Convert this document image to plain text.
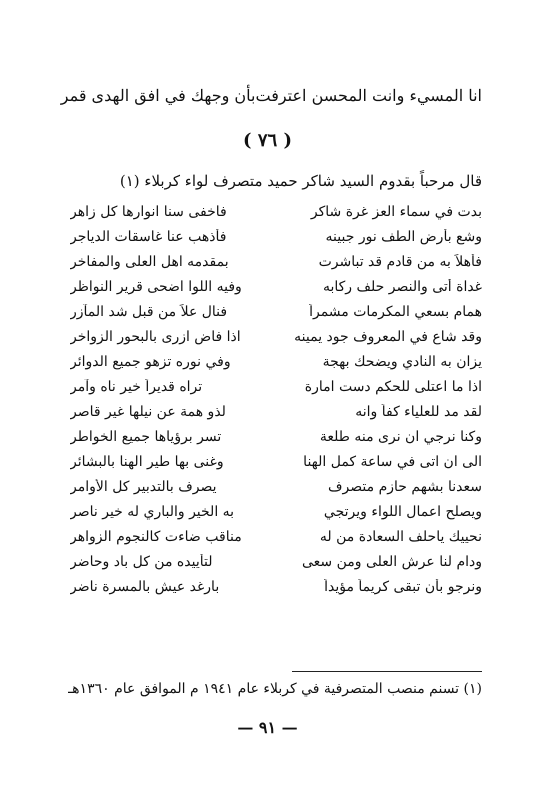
انا المسيء وانت المحسن اعترفت
بأن وجهك في افق الهدى قمر
( ٧٦ )
قال مرحباً بقدوم السيد شاكر حميد متصرف لواء كربلاء (١)
بدت في سماء العز غرة شاكر
فاخفى سنا انوارها كل زاهر
وشع بأرض الطف نور جبينه
فأذهب عنا غاسقات الدياجر
فأهلاً به من قادم قد تباشرت
بمقدمه اهل العلى والمفاخر
غداة أتى والنصر حلف ركابه
وفيه اللوا اضحى قرير النواظر
همام بسعي المكرمات مشمراً
فنال علاً من قبل شد المآزر
وقد شاع في المعروف جود يمينه
اذا فاض ازرى بالبحور الزواخر
يزان به النادي ويضحك بهجة
وفي نوره تزهو جميع الدوائر
اذا ما اعتلى للحكم دست امارة
تراه قديراً خير ناه وآمر
لقد مد للعلياء كفاً وانه
لذو همة عن نيلها غير قاصر
وكنا نرجي ان نرى منه طلعة
تسر برؤياها جميع الخواطر
الى ان اتى في ساعة كمل الهنا
وغنى بها طير الهنا بالبشائر
سعدنا بشهم حازم متصرف
يصرف بالتدبير كل الأوامر
ويصلح اعمال اللواء ويرتجي
به الخير والباري له خير ناصر
نحييك ياحلف السعادة من له
مناقب ضاءت كالنجوم الزواهر
ودام لنا عرش العلى ومن سعى
لتأييده من كل باد وحاضر
ونرجو بأن تبقى كريماً مؤيداً
بارغد عيش بالمسرة ناضر
(١) تسنم منصب المتصرفية في كربلاء عام ١٩٤١ م الموافق عام ١٣٦٠هـ
— ٩١ —
